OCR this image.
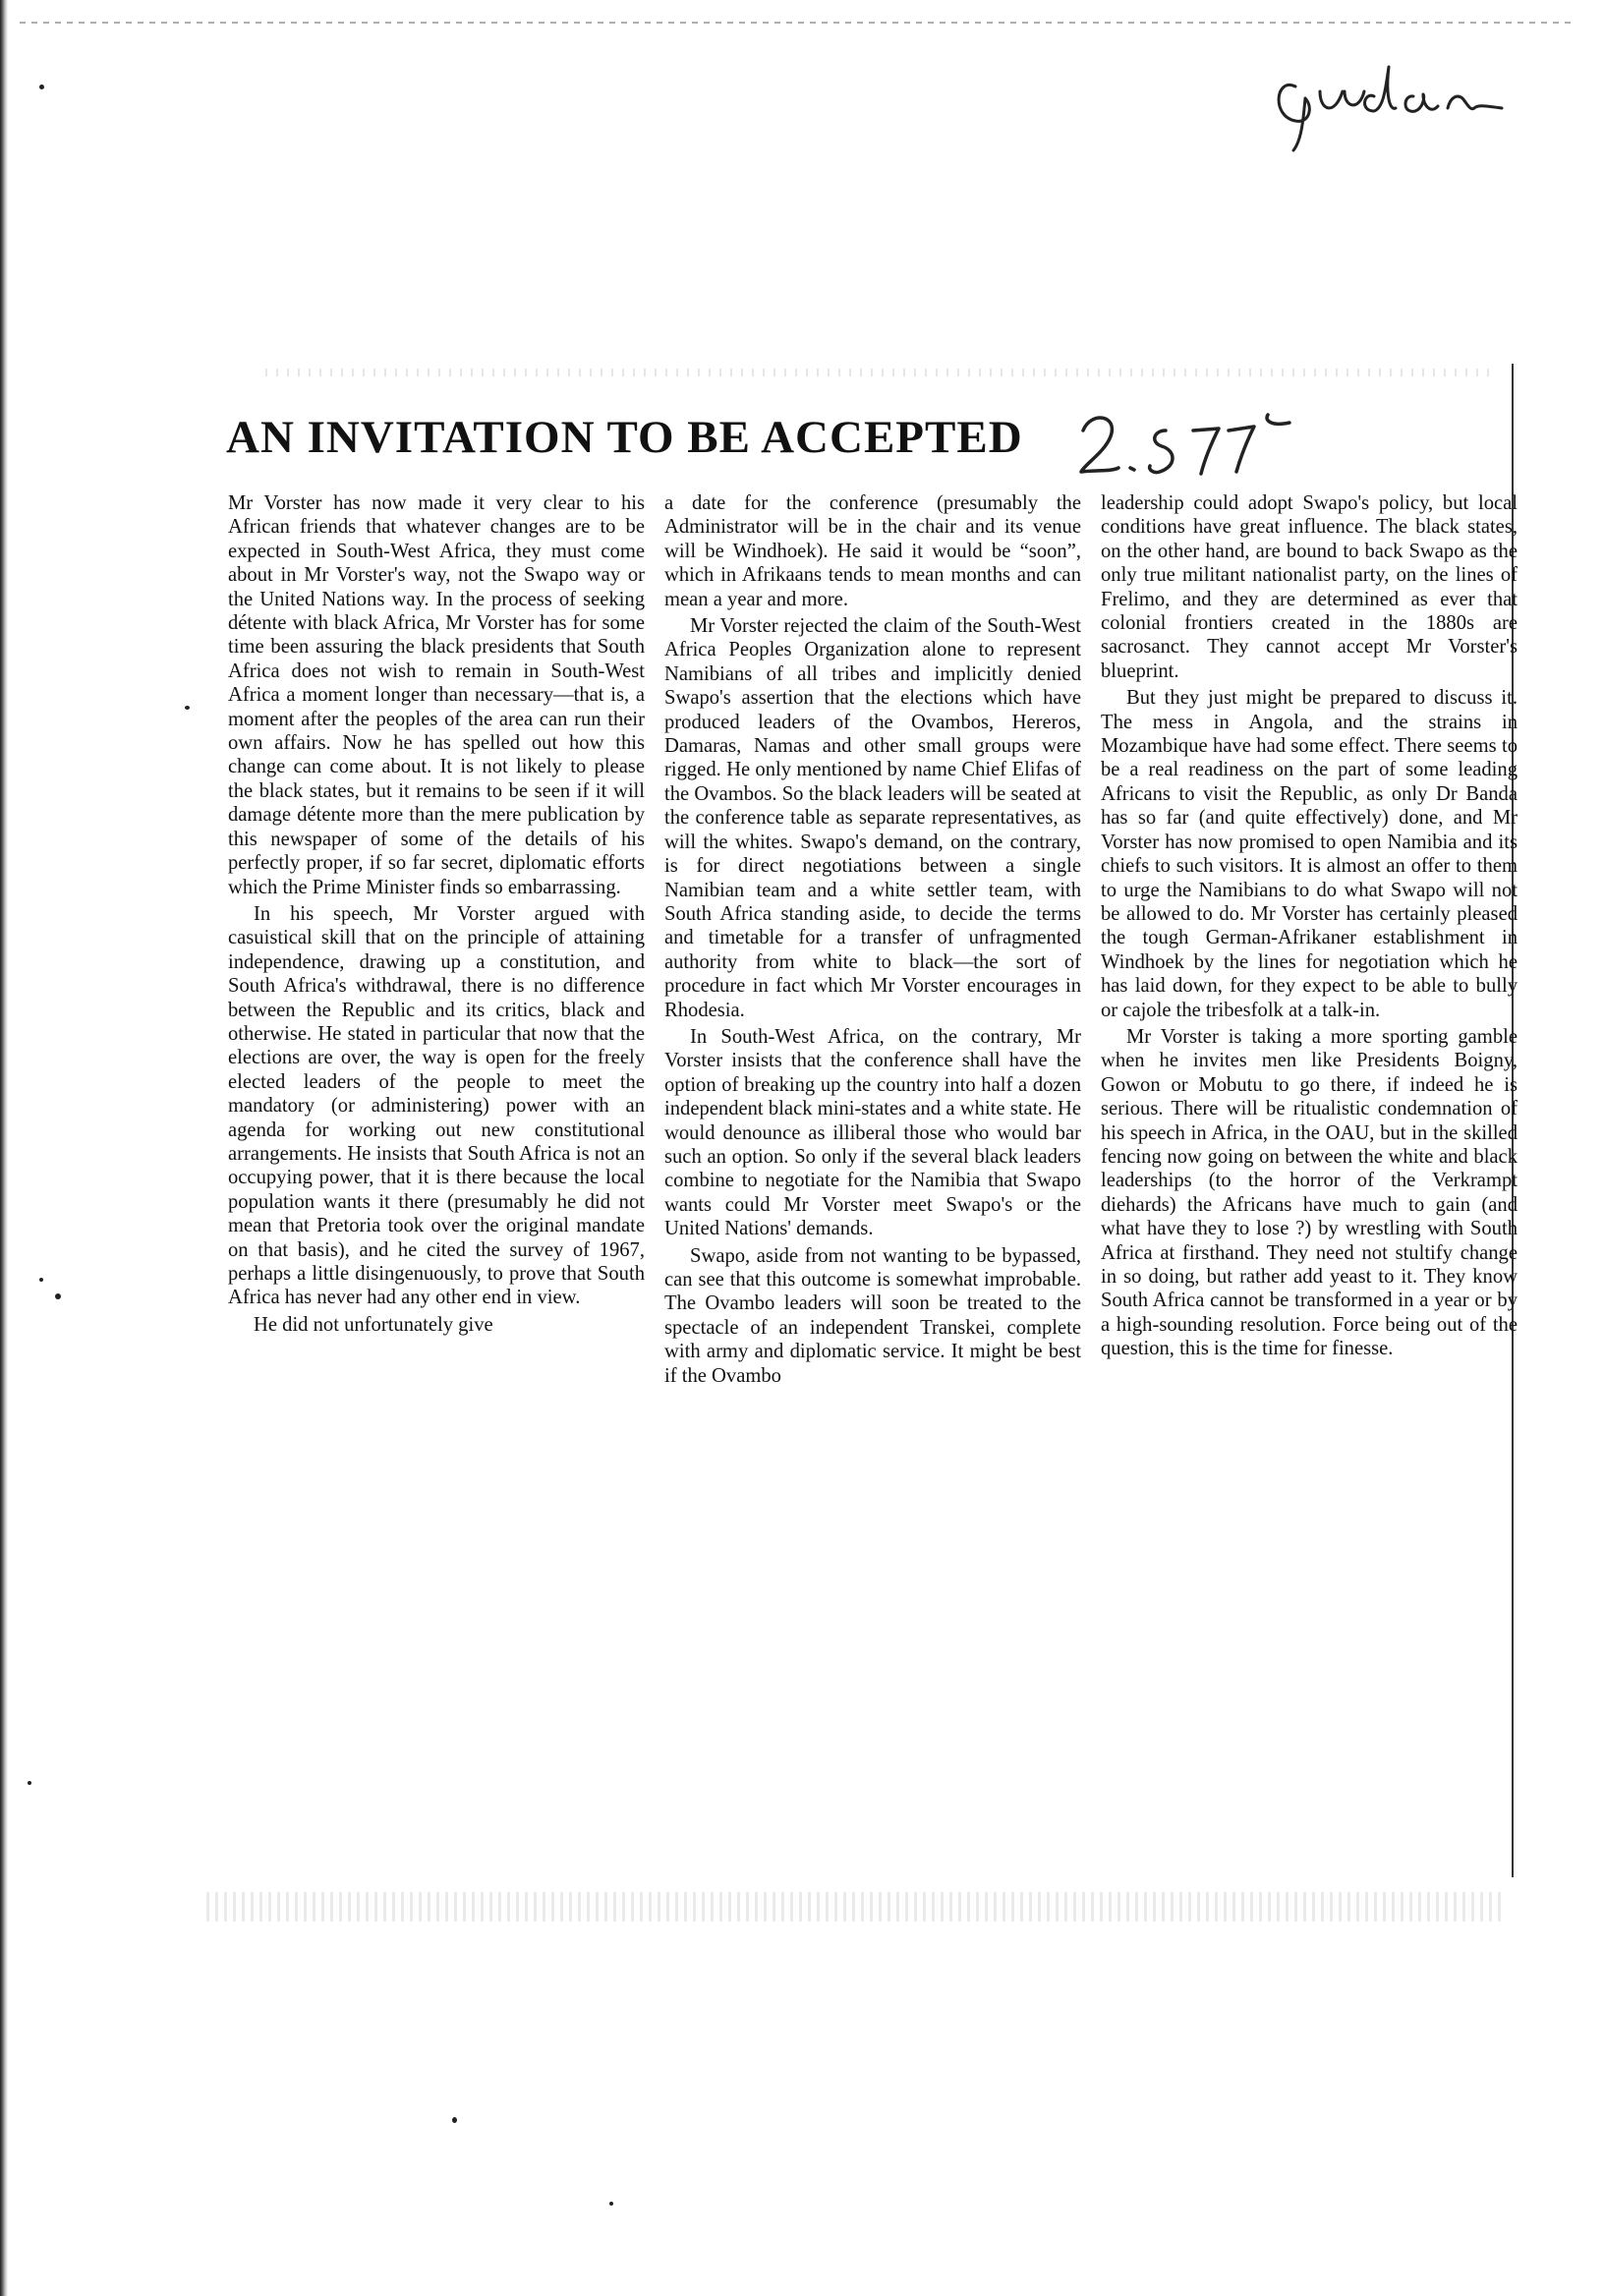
AN INVITATION TO BE ACCEPTED

Mr Vorster has now made it very clear to his African friends that whatever changes are to be expected in South-West Africa, they must come about in Mr Vorster's way, not the Swapo way or the United Nations way. In the process of seeking détente with black Africa, Mr Vorster has for some time been assuring the black presidents that South Africa does not wish to remain in South-West Africa a moment longer than necessary—that is, a moment after the peoples of the area can run their own affairs. Now he has spelled out how this change can come about. It is not likely to please the black states, but it remains to be seen if it will damage détente more than the mere publication by this newspaper of some of the details of his perfectly proper, if so far secret, diplomatic efforts which the Prime Minister finds so embarrassing.

In his speech, Mr Vorster argued with casuistical skill that on the principle of attaining independence, drawing up a constitution, and South Africa's withdrawal, there is no difference between the Republic and its critics, black and otherwise. He stated in particular that now that the elections are over, the way is open for the freely elected leaders of the people to meet the mandatory (or administering) power with an agenda for working out new constitutional arrangements. He insists that South Africa is not an occupying power, that it is there because the local population wants it there (presumably he did not mean that Pretoria took over the original mandate on that basis), and he cited the survey of 1967, perhaps a little disingenuously, to prove that South Africa has never had any other end in view.

He did not unfortunately give

a date for the conference (presumably the Administrator will be in the chair and its venue will be Windhoek). He said it would be “soon”, which in Afrikaans tends to mean months and can mean a year and more.

Mr Vorster rejected the claim of the South-West Africa Peoples Organization alone to represent Namibians of all tribes and implicitly denied Swapo's assertion that the elections which have produced leaders of the Ovambos, Hereros, Damaras, Namas and other small groups were rigged. He only mentioned by name Chief Elifas of the Ovambos. So the black leaders will be seated at the conference table as separate representatives, as will the whites. Swapo's demand, on the contrary, is for direct negotiations between a single Namibian team and a white settler team, with South Africa standing aside, to decide the terms and timetable for a transfer of unfragmented authority from white to black—the sort of procedure in fact which Mr Vorster encourages in Rhodesia.

In South-West Africa, on the contrary, Mr Vorster insists that the conference shall have the option of breaking up the country into half a dozen independent black mini-states and a white state. He would denounce as illiberal those who would bar such an option. So only if the several black leaders combine to negotiate for the Namibia that Swapo wants could Mr Vorster meet Swapo's or the United Nations' demands.

Swapo, aside from not wanting to be bypassed, can see that this outcome is somewhat improbable. The Ovambo leaders will soon be treated to the spectacle of an independent Transkei, complete with army and diplomatic service. It might be best if the Ovambo

leadership could adopt Swapo's policy, but local conditions have great influence. The black states, on the other hand, are bound to back Swapo as the only true militant nationalist party, on the lines of Frelimo, and they are determined as ever that colonial frontiers created in the 1880s are sacrosanct. They cannot accept Mr Vorster's blueprint.

But they just might be prepared to discuss it. The mess in Angola, and the strains in Mozambique have had some effect. There seems to be a real readiness on the part of some leading Africans to visit the Republic, as only Dr Banda has so far (and quite effectively) done, and Mr Vorster has now promised to open Namibia and its chiefs to such visitors. It is almost an offer to them to urge the Namibians to do what Swapo will not be allowed to do. Mr Vorster has certainly pleased the tough German-Afrikaner establishment in Windhoek by the lines for negotiation which he has laid down, for they expect to be able to bully or cajole the tribesfolk at a talk-in.

Mr Vorster is taking a more sporting gamble when he invites men like Presidents Boigny, Gowon or Mobutu to go there, if indeed he is serious. There will be ritualistic condemnation of his speech in Africa, in the OAU, but in the skilled fencing now going on between the white and black leaderships (to the horror of the Verkrampt diehards) the Africans have much to gain (and what have they to lose ?) by wrestling with South Africa at firsthand. They need not stultify change in so doing, but rather add yeast to it. They know South Africa cannot be transformed in a year or by a high-sounding resolution. Force being out of the question, this is the time for finesse.
